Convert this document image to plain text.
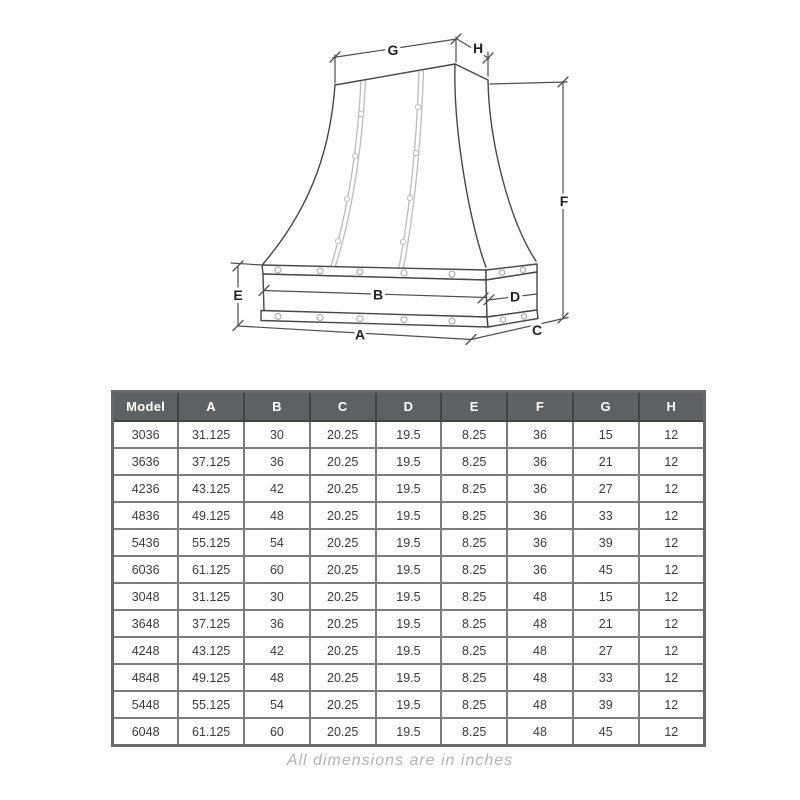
G	H
F
E	B	D
A	C
Model	A	B	C	D	E	F	G	H
3036	31.125	30	20.25	19.5	8.25	36	15	12
3636	37.125	36	20.25	19.5	8.25	36	21	12
4236	43.125	42	20.25	19.5	8.25	36	27	12
4836	49.125	48	20.25	19.5	8.25	36	33	12
5436	55.125	54	20.25	19.5	8.25	36	39	12
6036	61.125	60	20.25	19.5	8.25	36	45	12
3048	31.125	30	20.25	19.5	8.25	48	15	12
3648	37.125	36	20.25	19.5	8.25	48	21	12
4248	43.125	42	20.25	19.5	8.25	48	27	12
4848	49.125	48	20.25	19.5	8.25	48	33	12
5448	55.125	54	20.25	19.5	8.25	48	39	12
6048	61.125	60	20.25	19.5	8.25	48	45	12
All dimensions are in inches
